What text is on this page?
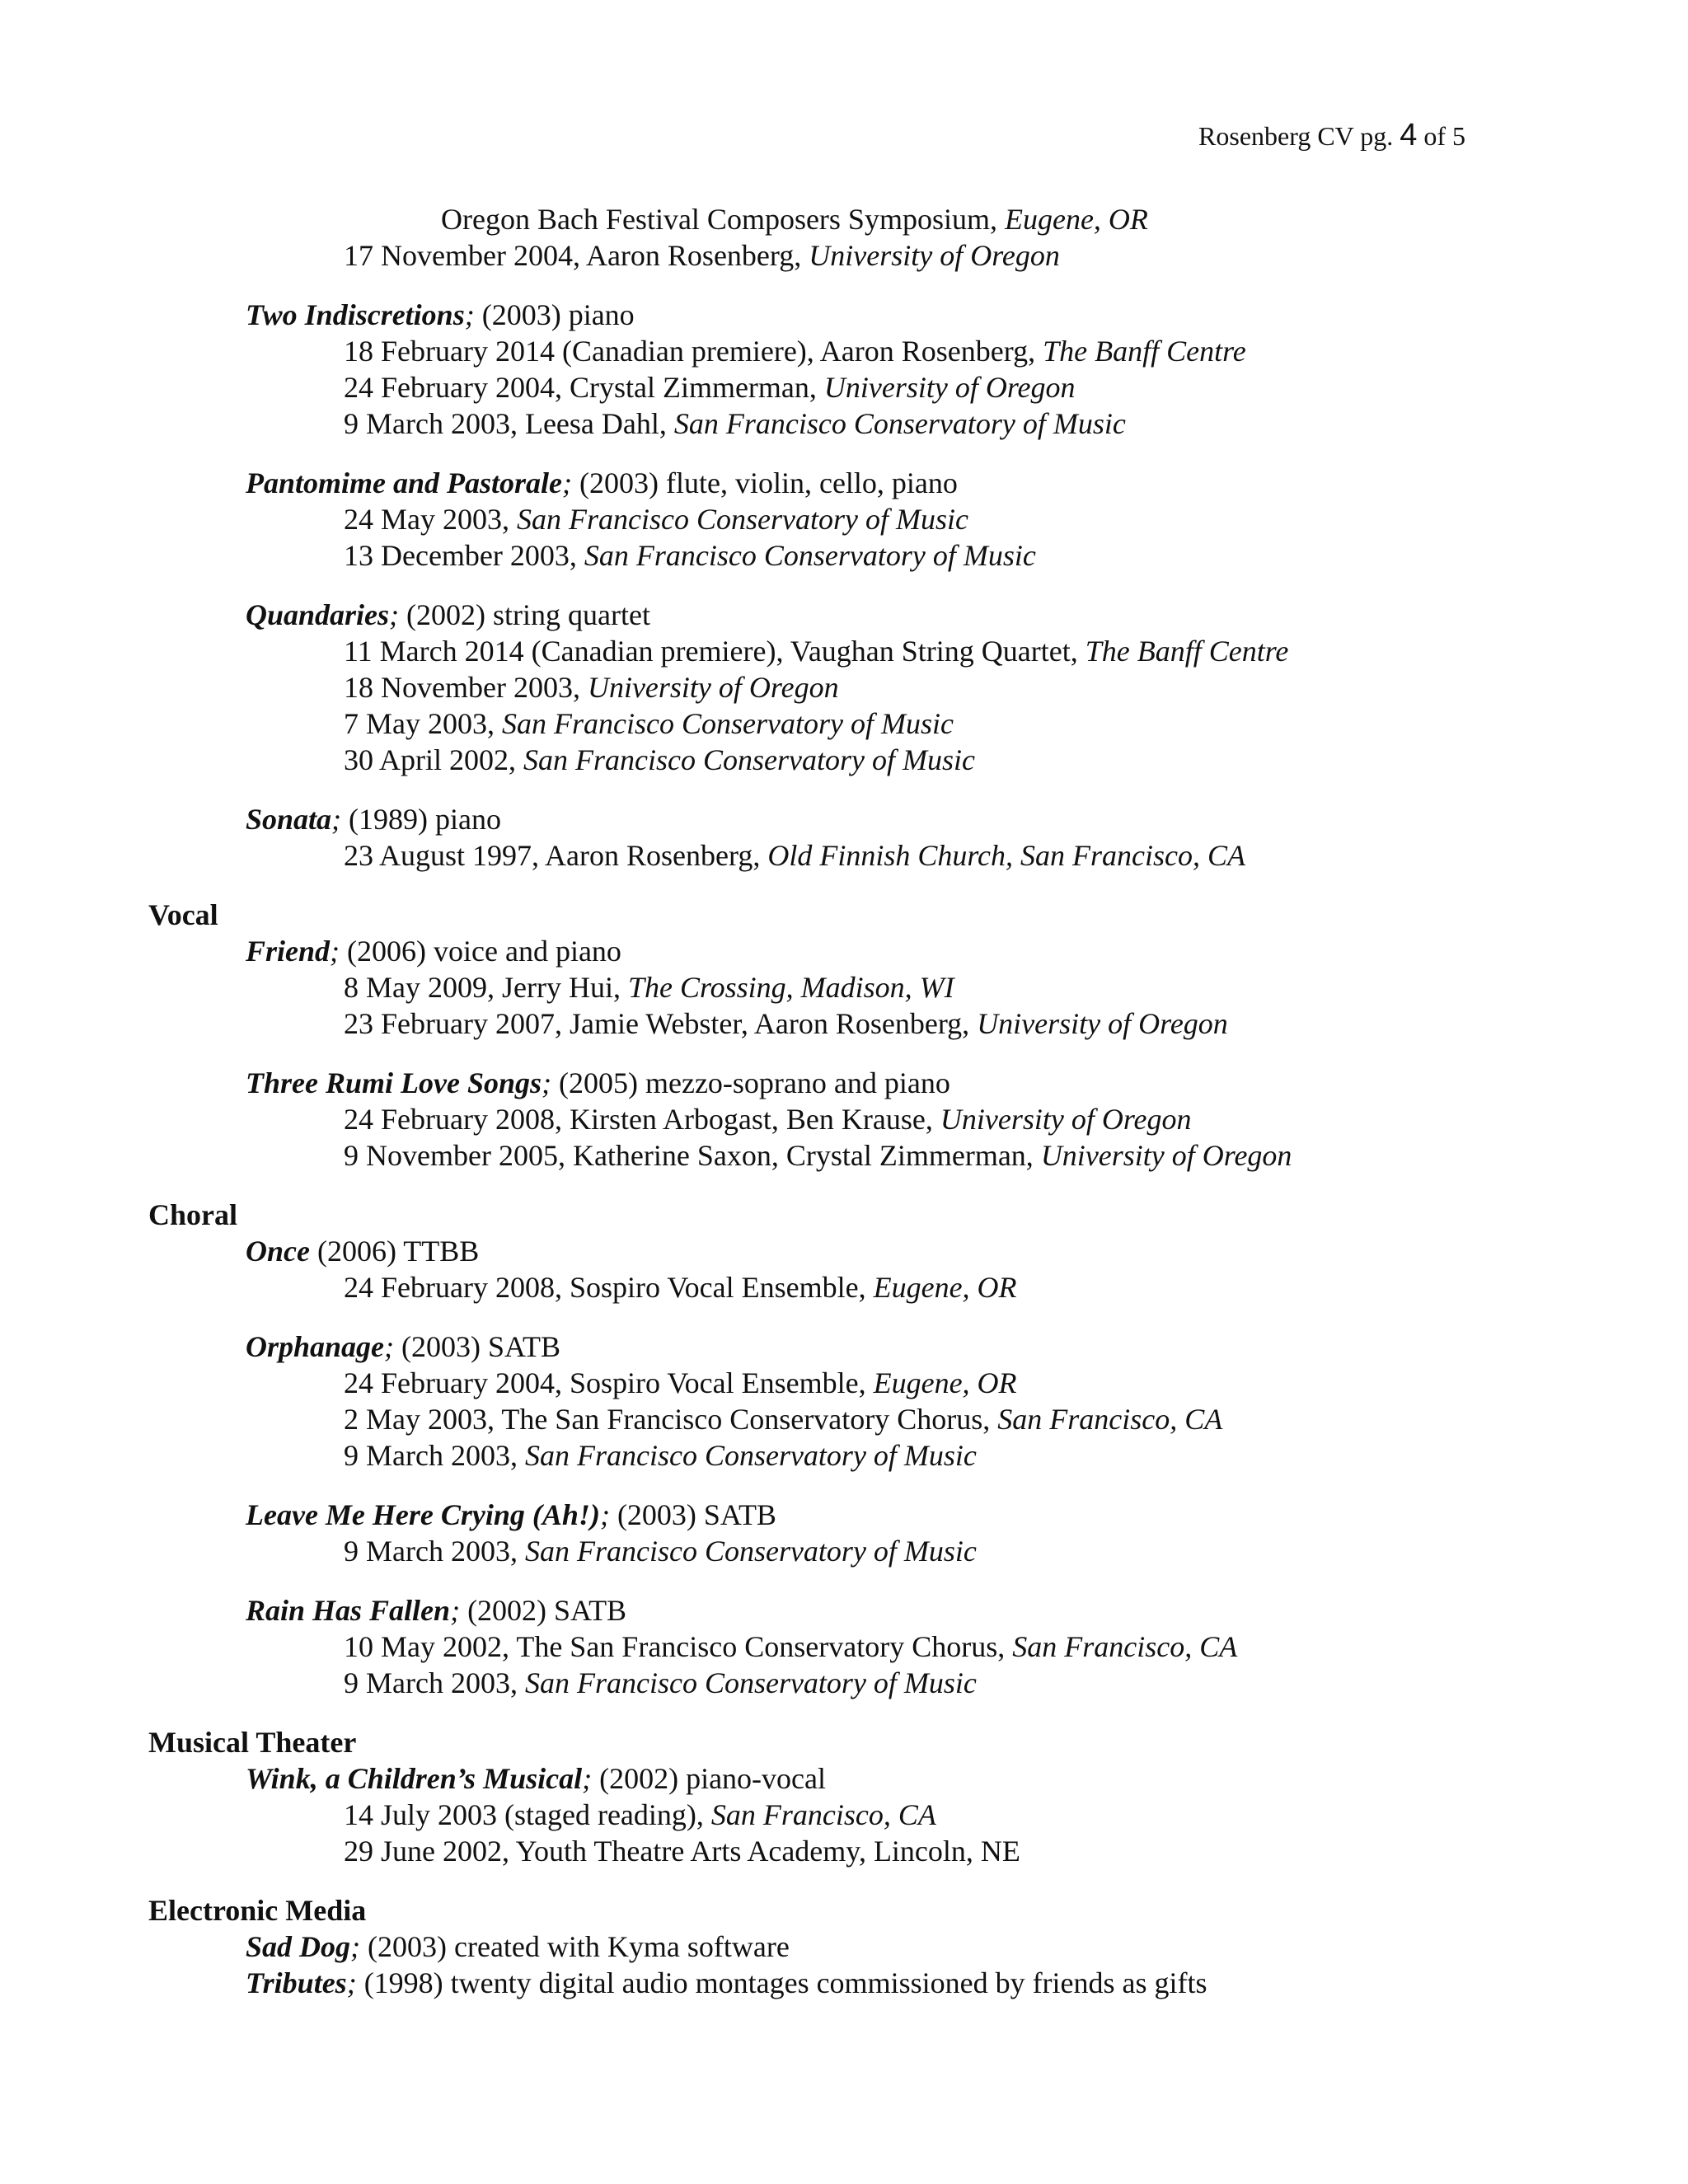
Rosenberg CV pg. 4 of 5
Oregon Bach Festival Composers Symposium, Eugene, OR
17 November 2004, Aaron Rosenberg, University of Oregon
Two Indiscretions; (2003) piano
18 February 2014 (Canadian premiere), Aaron Rosenberg, The Banff Centre
24 February 2004, Crystal Zimmerman, University of Oregon
9 March 2003, Leesa Dahl, San Francisco Conservatory of Music
Pantomime and Pastorale; (2003) flute, violin, cello, piano
24 May 2003, San Francisco Conservatory of Music
13 December 2003, San Francisco Conservatory of Music
Quandaries; (2002) string quartet
11 March 2014 (Canadian premiere), Vaughan String Quartet, The Banff Centre
18 November 2003, University of Oregon
7 May 2003, San Francisco Conservatory of Music
30 April 2002, San Francisco Conservatory of Music
Sonata; (1989) piano
23 August 1997, Aaron Rosenberg, Old Finnish Church, San Francisco, CA
Vocal
Friend; (2006) voice and piano
8 May 2009, Jerry Hui, The Crossing, Madison, WI
23 February 2007, Jamie Webster, Aaron Rosenberg, University of Oregon
Three Rumi Love Songs; (2005) mezzo-soprano and piano
24 February 2008, Kirsten Arbogast, Ben Krause, University of Oregon
9 November 2005, Katherine Saxon, Crystal Zimmerman, University of Oregon
Choral
Once (2006) TTBB
24 February 2008, Sospiro Vocal Ensemble, Eugene, OR
Orphanage; (2003) SATB
24 February 2004, Sospiro Vocal Ensemble, Eugene, OR
2 May 2003, The San Francisco Conservatory Chorus, San Francisco, CA
9 March 2003, San Francisco Conservatory of Music
Leave Me Here Crying (Ah!); (2003) SATB
9 March 2003, San Francisco Conservatory of Music
Rain Has Fallen; (2002) SATB
10 May 2002, The San Francisco Conservatory Chorus, San Francisco, CA
9 March 2003, San Francisco Conservatory of Music
Musical Theater
Wink, a Children’s Musical; (2002) piano-vocal
14 July 2003 (staged reading), San Francisco, CA
29 June 2002, Youth Theatre Arts Academy, Lincoln, NE
Electronic Media
Sad Dog; (2003) created with Kyma software
Tributes; (1998) twenty digital audio montages commissioned by friends as gifts
